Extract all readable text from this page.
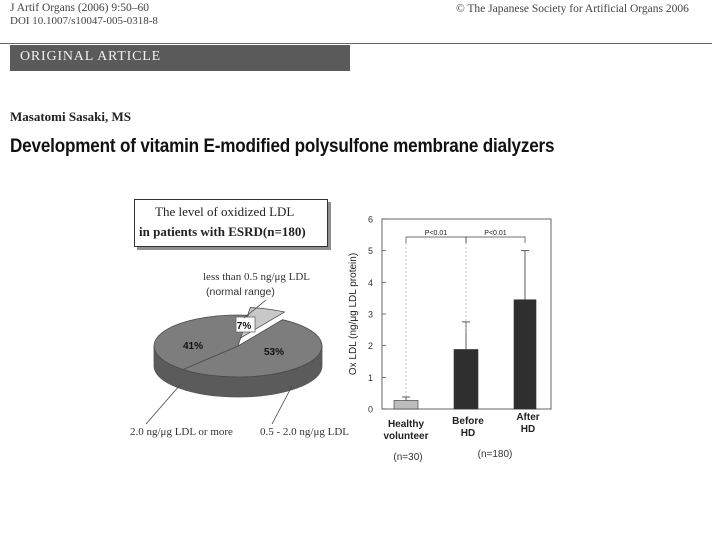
J Artif Organs (2006) 9:50–60
DOI 10.1007/s10047-005-0318-8
© The Japanese Society for Artificial Organs 2006
ORIGINAL ARTICLE
Masatomi Sasaki, MS
Development of vitamin E-modified polysulfone membrane dialyzers
The level of oxidized LDL
in patients with ESRD(n=180)
less than 0.5 ng/μg LDL
(normal range)
7%
53%
41%
2.0 ng/μg LDL or more 0.5 - 2.0 ng/μg LDL
0
1
2
3
4
5
6
Ox LDL (ng/μg LDL protein)
P<0.01	P<0.01
Healthy
volunteer
Before
HD
After
HD
(n=30)	(n=180)
